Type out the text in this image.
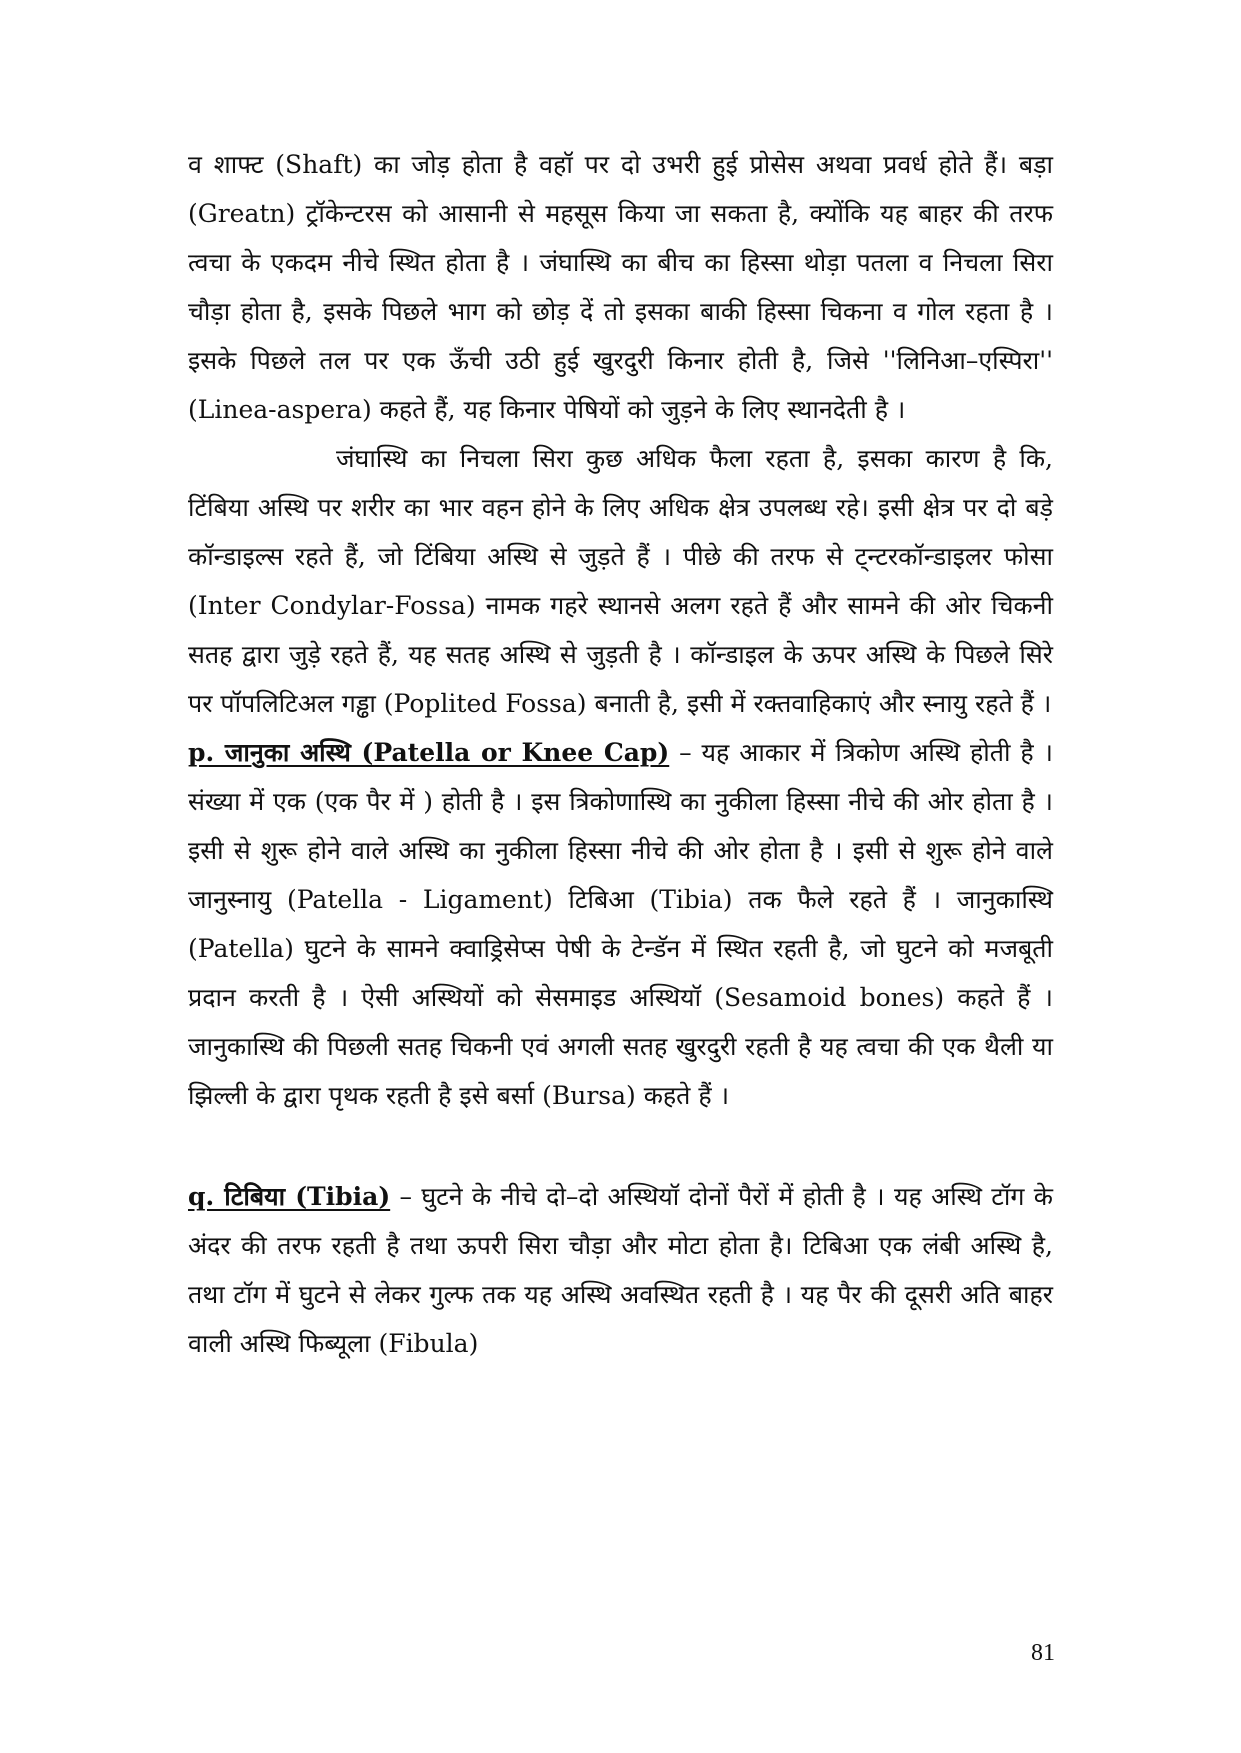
व शाफ्ट (Shaft) का जोड़ होता है वहॉ पर दो उभरी हुई प्रोसेस अथवा प्रवर्ध होते हैं। बड़ा (Greatn) ट्रॉकेन्टरस को आसानी से महसूस किया जा सकता है, क्योंकि यह बाहर की तरफ त्वचा के एकदम नीचे स्थित होता है । जंघास्थि का बीच का हिस्सा थोड़ा पतला व निचला सिरा चौड़ा होता है, इसके पिछले भाग को छोड़ दें तो इसका बाकी हिस्सा चिकना व गोल रहता है । इसके पिछले तल पर एक ऊँची उठी हुई खुरदुरी किनार होती है, जिसे ''लिनिआ–एस्पिरा'' (Linea-aspera) कहते हैं, यह किनार पेषियों को जुड़ने के लिए स्थानदेती है ।

जंघास्थि का निचला सिरा कुछ अधिक फैला रहता है, इसका कारण है कि, टिंबिया अस्थि पर शरीर का भार वहन होने के लिए अधिक क्षेत्र उपलब्ध रहे। इसी क्षेत्र पर दो बड़े कॉन्डाइल्स रहते हैं, जो टिंबिया अस्थि से जुड़ते हैं । पीछे की तरफ से ट्न्टरकॉन्डाइलर फोसा (Inter Condylar-Fossa) नामक गहरे स्थानसे अलग रहते हैं और सामने की ओर चिकनी सतह द्वारा जुड़े रहते हैं, यह सतह अस्थि से जुड़ती है । कॉन्डाइल के ऊपर अस्थि के पिछले सिरे पर पॉपलिटिअल गड्ढा (Poplited Fossa) बनाती है, इसी में रक्तवाहिकाएं और स्नायु रहते हैं ।

p. जानुका अस्थि (Patella or Knee Cap) – यह आकार में त्रिकोण अस्थि होती है । संख्या में एक (एक पैर में ) होती है । इस त्रिकोणास्थि का नुकीला हिस्सा नीचे की ओर होता है । इसी से शुरू होने वाले अस्थि का नुकीला हिस्सा नीचे की ओर होता है । इसी से शुरू होने वाले जानुस्नायु (Patella - Ligament) टिबिआ (Tibia) तक फैले रहते हैं । जानुकास्थि (Patella) घुटने के सामने क्वाड्रिसेप्स पेषी के टेन्डॅन में स्थित रहती है, जो घुटने को मजबूती प्रदान करती है । ऐसी अस्थियों को सेसमाइड अस्थियॉ (Sesamoid bones) कहते हैं । जानुकास्थि की पिछली सतह चिकनी एवं अगली सतह खुरदुरी रहती है यह त्वचा की एक थैली या झिल्ली के द्वारा पृथक रहती है इसे बर्सा (Bursa) कहते हैं ।

q. टिबिया (Tibia) – घुटने के नीचे दो–दो अस्थियॉ दोनों पैरों में होती है । यह अस्थि टॉग के अंदर की तरफ रहती है तथा ऊपरी सिरा चौड़ा और मोटा होता है। टिबिआ एक लंबी अस्थि है, तथा टॉग में घुटने से लेकर गुल्फ तक यह अस्थि अवस्थित रहती है । यह पैर की दूसरी अति बाहर वाली अस्थि फिब्यूला (Fibula)

81
